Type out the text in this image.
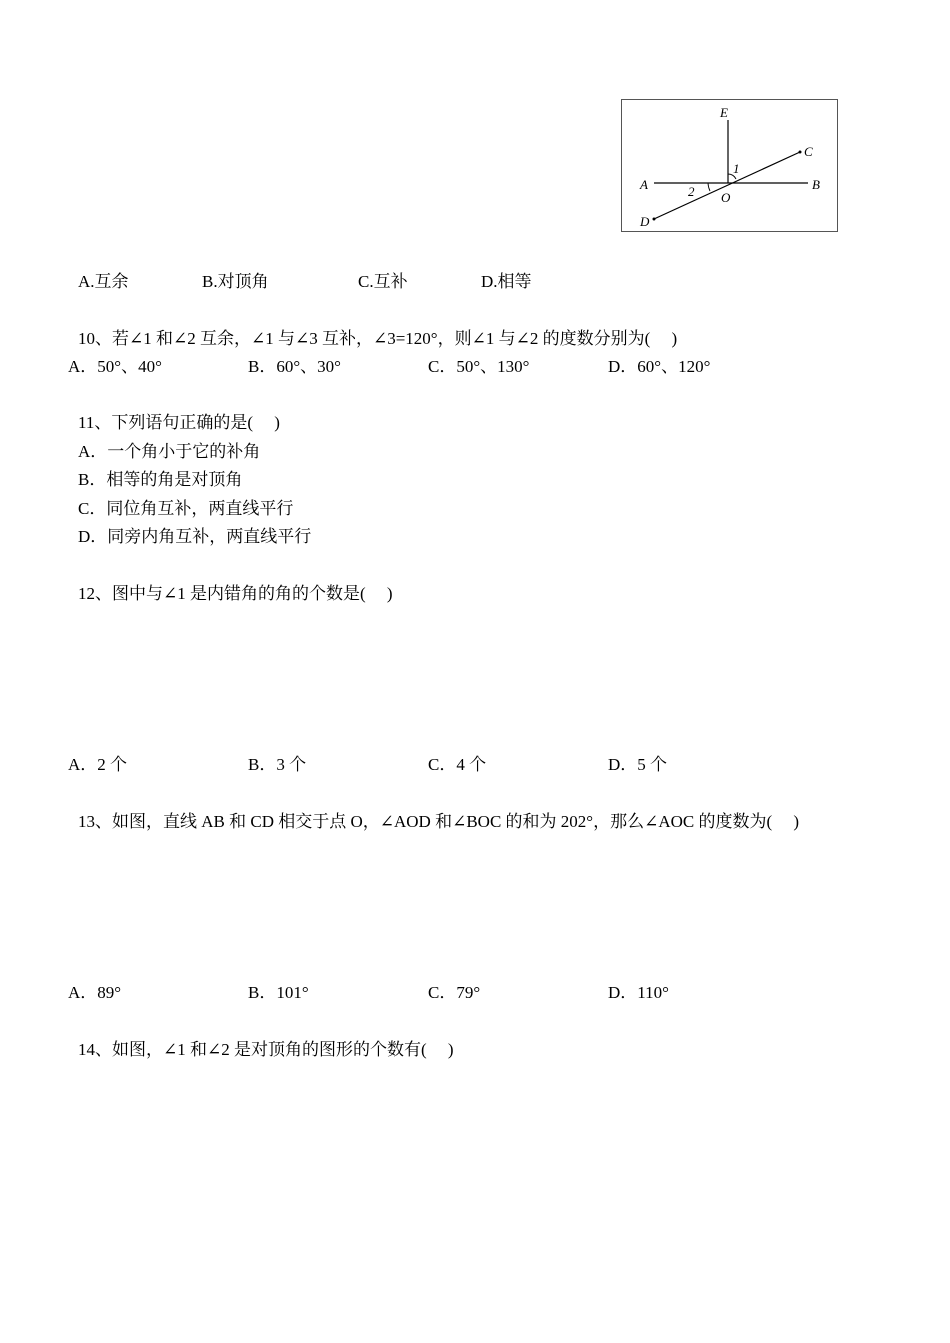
E
C
A	B
O
D
1
2
A.互余	B.对顶角	C.互补	D.相等
10、若∠1 和∠2 互余，∠1 与∠3 互补，∠3=120°，则∠1 与∠2 的度数分别为(　 )
A．50°、40°	B．60°、30°	C．50°、130°	D．60°、120°
11、下列语句正确的是(　 )
A．一个角小于它的补角
B．相等的角是对顶角
C．同位角互补，两直线平行
D．同旁内角互补，两直线平行
12、图中与∠1 是内错角的角的个数是(　 )
A．2 个	B．3 个	C．4 个	D．5 个
13、如图，直线 AB 和 CD 相交于点 O，∠AOD 和∠BOC 的和为 202°，那么∠AOC 的度数为(　 )
A．89°	B．101°	C．79°	D．110°
14、如图，∠1 和∠2 是对顶角的图形的个数有(　 )
